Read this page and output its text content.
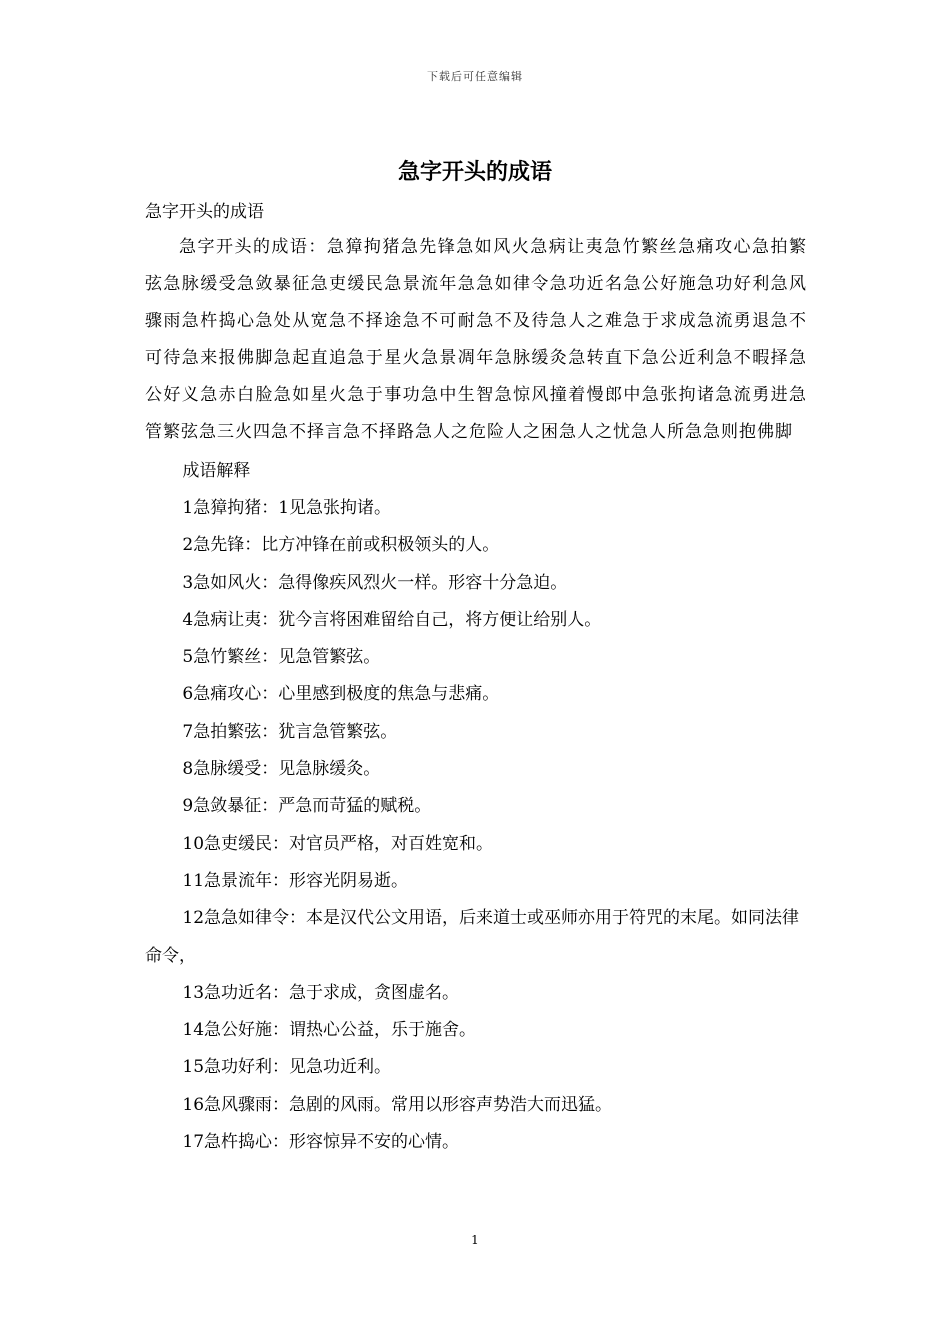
下载后可任意编辑
急字开头的成语

急字开头的成语

急字开头的成语：急獐拘猪急先锋急如风火急病让夷急竹繁丝急痛攻心急拍繁弦急脉缓受急敛暴征急吏缓民急景流年急急如律令急功近名急公好施急功好利急风骤雨急杵捣心急处从宽急不择途急不可耐急不及待急人之难急于求成急流勇退急不可待急来报佛脚急起直追急于星火急景凋年急脉缓灸急转直下急公近利急不暇择急公好义急赤白脸急如星火急于事功急中生智急惊风撞着慢郎中急张拘诸急流勇进急管繁弦急三火四急不择言急不择路急人之危险人之困急人之忧急人所急急则抱佛脚

成语解释

1急獐拘猪：1见急张拘诸。
2急先锋：比方冲锋在前或积极领头的人。
3急如风火：急得像疾风烈火一样。形容十分急迫。
4急病让夷：犹今言将困难留给自己，将方便让给别人。
5急竹繁丝：见急管繁弦。
6急痛攻心：心里感到极度的焦急与悲痛。
7急拍繁弦：犹言急管繁弦。
8急脉缓受：见急脉缓灸。
9急敛暴征：严急而苛猛的赋税。
10急吏缓民：对官员严格，对百姓宽和。
11急景流年：形容光阴易逝。
12急急如律令：本是汉代公文用语，后来道士或巫师亦用于符咒的末尾。如同法律命令，
13急功近名：急于求成，贪图虚名。
14急公好施：谓热心公益，乐于施舍。
15急功好利：见急功近利。
16急风骤雨：急剧的风雨。常用以形容声势浩大而迅猛。
17急杵捣心：形容惊异不安的心情。
1
